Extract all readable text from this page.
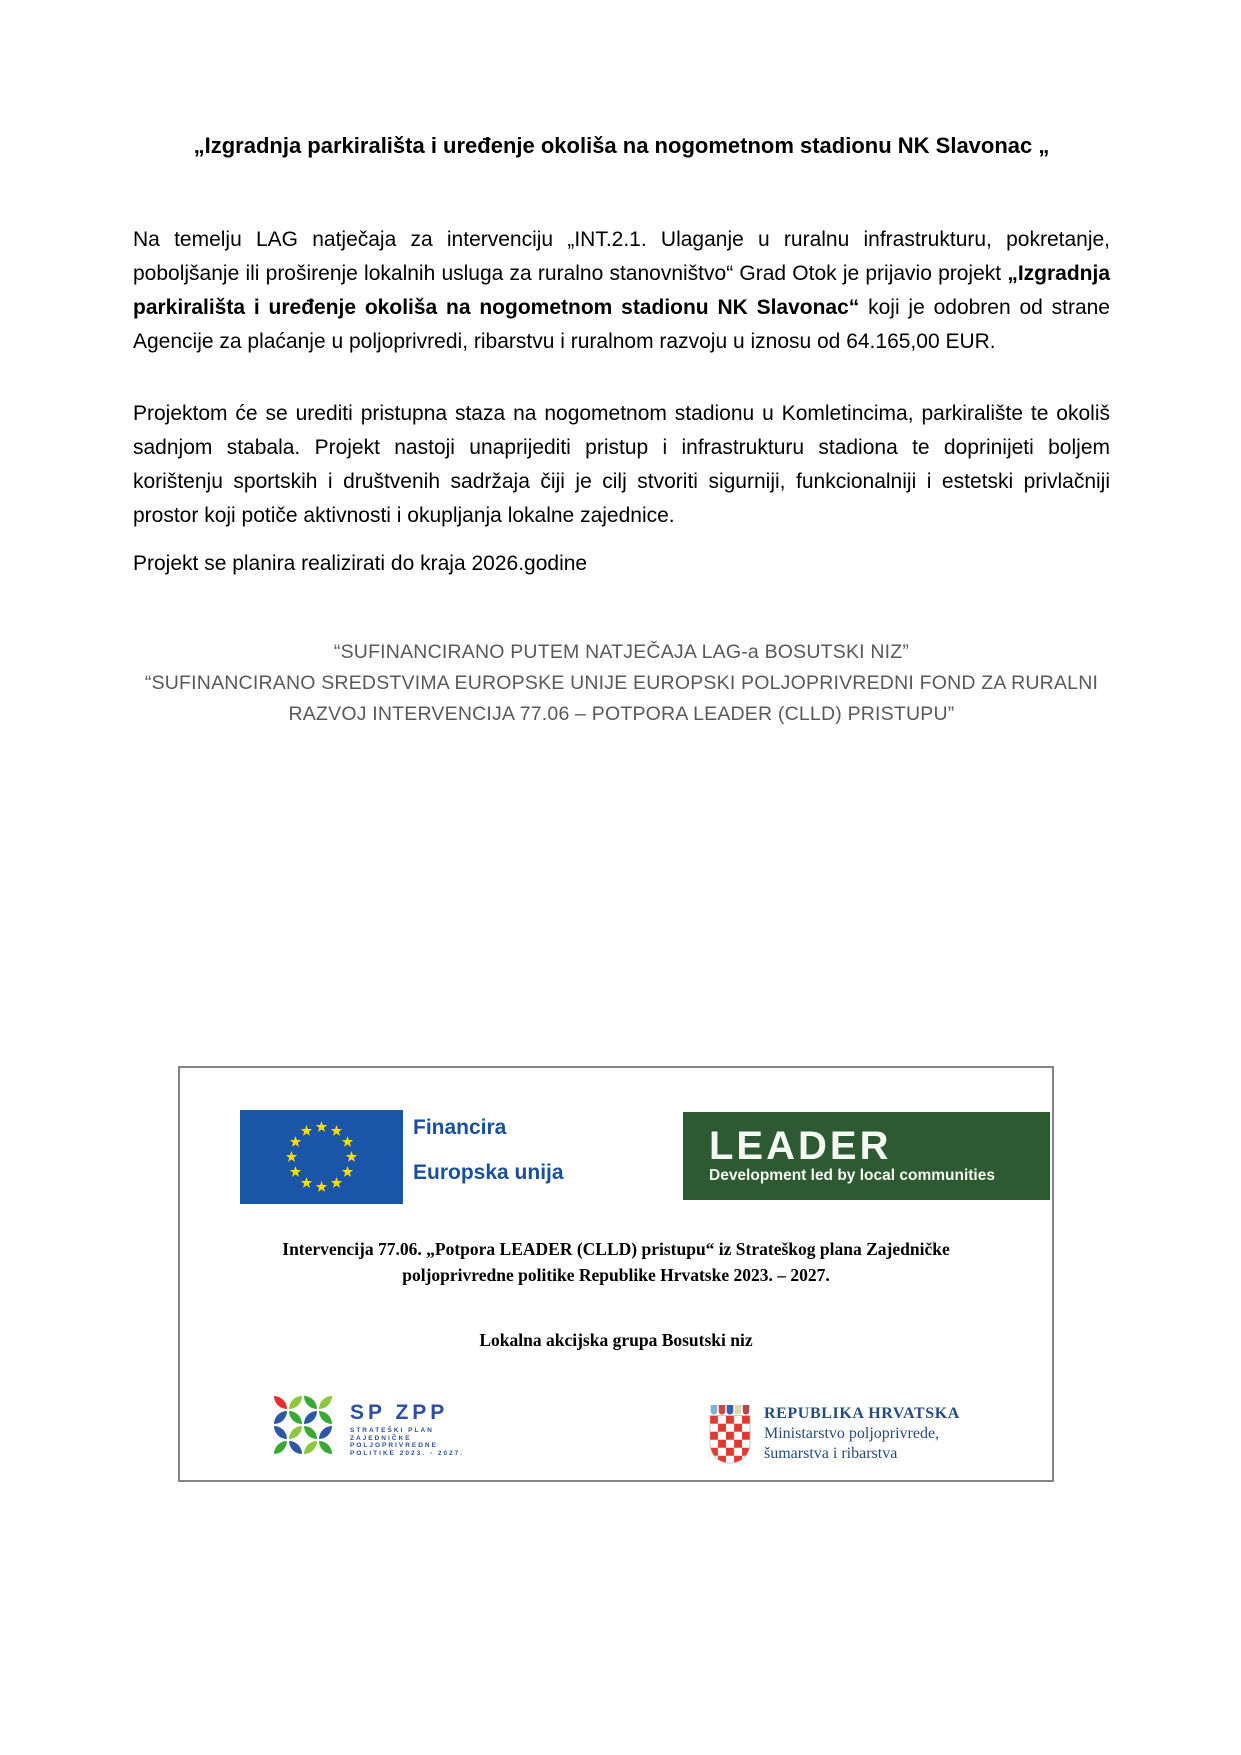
„Izgradnja parkirališta i uređenje okoliša na nogometnom stadionu NK Slavonac „

Na temelju LAG natječaja za intervenciju „INT.2.1. Ulaganje u ruralnu infrastrukturu, pokretanje, poboljšanje ili proširenje lokalnih usluga za ruralno stanovništvo“ Grad Otok je prijavio projekt „Izgradnja parkirališta i uređenje okoliša na nogometnom stadionu NK Slavonac“ koji je odobren od strane Agencije za plaćanje u poljoprivredi, ribarstvu i ruralnom razvoju u iznosu od 64.165,00 EUR.

Projektom će se urediti pristupna staza na nogometnom stadionu u Komletincima, parkiralište te okoliš sadnjom stabala. Projekt nastoji unaprijediti pristup i infrastrukturu stadiona te doprinijeti boljem korištenju sportskih i društvenih sadržaja čiji je cilj stvoriti sigurniji, funkcionalniji i estetski privlačniji prostor koji potiče aktivnosti i okupljanja lokalne zajednice.

Projekt se planira realizirati do kraja 2026.godine

“SUFINANCIRANO PUTEM NATJEČAJA LAG-a BOSUTSKI NIZ”
“SUFINANCIRANO SREDSTVIMA EUROPSKE UNIJE EUROPSKI POLJOPRIVREDNI FOND ZA RURALNI RAZVOJ INTERVENCIJA 77.06 – POTPORA LEADER (CLLD) PRISTUPU”
Financira
Europska unija
LEADER
Development led by local communities
Intervencija 77.06. „Potpora LEADER (CLLD) pristupu“ iz Strateškog plana Zajedničke poljoprivredne politike Republike Hrvatske 2023. – 2027.
Lokalna akcijska grupa Bosutski niz
SP ZPP
STRATEŠKI PLAN
ZAJEDNIČKE
POLJOPRIVREDNE
POLITIKE 2023. - 2027.
REPUBLIKA HRVATSKA
Ministarstvo poljoprivrede,
šumarstva i ribarstva
